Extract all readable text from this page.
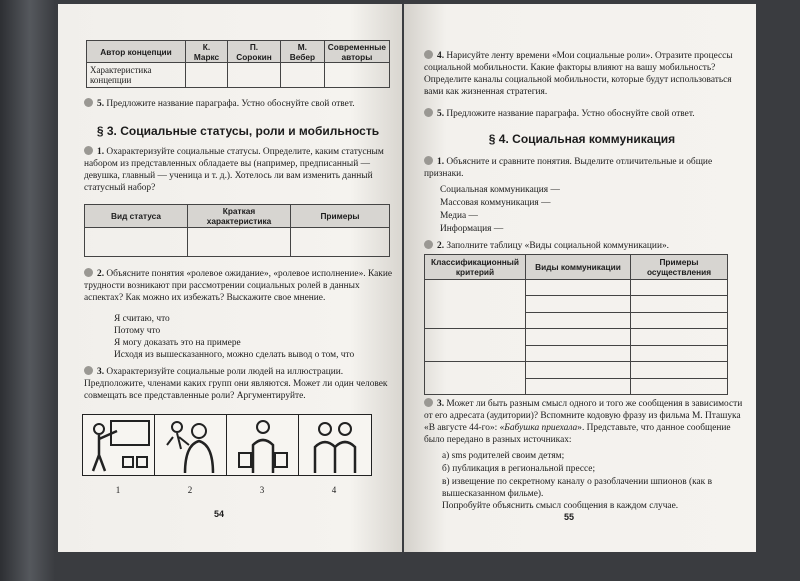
Автор концепции	К. Маркс	П. Сорокин	М. Вебер	Современные авторы
Характеристика концепции				
5. Предложите название параграфа. Устно обоснуйте свой ответ.
§ 3. Социальные статусы, роли и мобильность
1. Охарактеризуйте социальные статусы. Определите, каким статусным набором из представленных обладаете вы (например, предписанный — девушка, главный — ученица и т. д.). Хотелось ли вам изменить данный статусный набор?
Вид статуса	Краткая характеристика	Примеры

2. Объясните понятия «ролевое ожидание», «ролевое исполнение». Какие трудности возникают при рассмотрении социальных ролей в данных аспектах? Как можно их избежать? Выскажите свое мнение.
Я считаю, что
Потому что
Я могу доказать это на примере
Исходя из вышесказанного, можно сделать вывод о том, что
3. Охарактеризуйте социальные роли людей на иллюстрации. Предположите, членами каких групп они являются. Может ли один человек совмещать все представленные роли? Аргументируйте.
1	2	3	4
54
4. Нарисуйте ленту времени «Мои социальные роли». Отразите процессы социальной мобильности. Какие факторы влияют на вашу мобильность? Определите каналы социальной мобильности, которые будут использоваться вами как жизненная стратегия.
5. Предложите название параграфа. Устно обоснуйте свой ответ.
§ 4. Социальная коммуникация
1. Объясните и сравните понятия. Выделите отличительные и общие признаки.
Социальная коммуникация —
Массовая коммуникация —
Медиа —
Информация —
2. Заполните таблицу «Виды социальной коммуникации».
Классификационный критерий	Виды коммуникации	Примеры осуществления

3. Может ли быть разным смысл одного и того же сообщения в зависимости от его адресата (аудитории)? Вспомните кодовую фразу из фильма М. Пташука «В августе 44-го»: «Бабушка приехала». Представьте, что данное сообщение было передано в разных источниках:
а) sms родителей своим детям;
б) публикация в региональной прессе;
в) извещение по секретному каналу о разоблачении шпионов (как в вышесказанном фильме).
Попробуйте объяснить смысл сообщения в каждом случае.
55
